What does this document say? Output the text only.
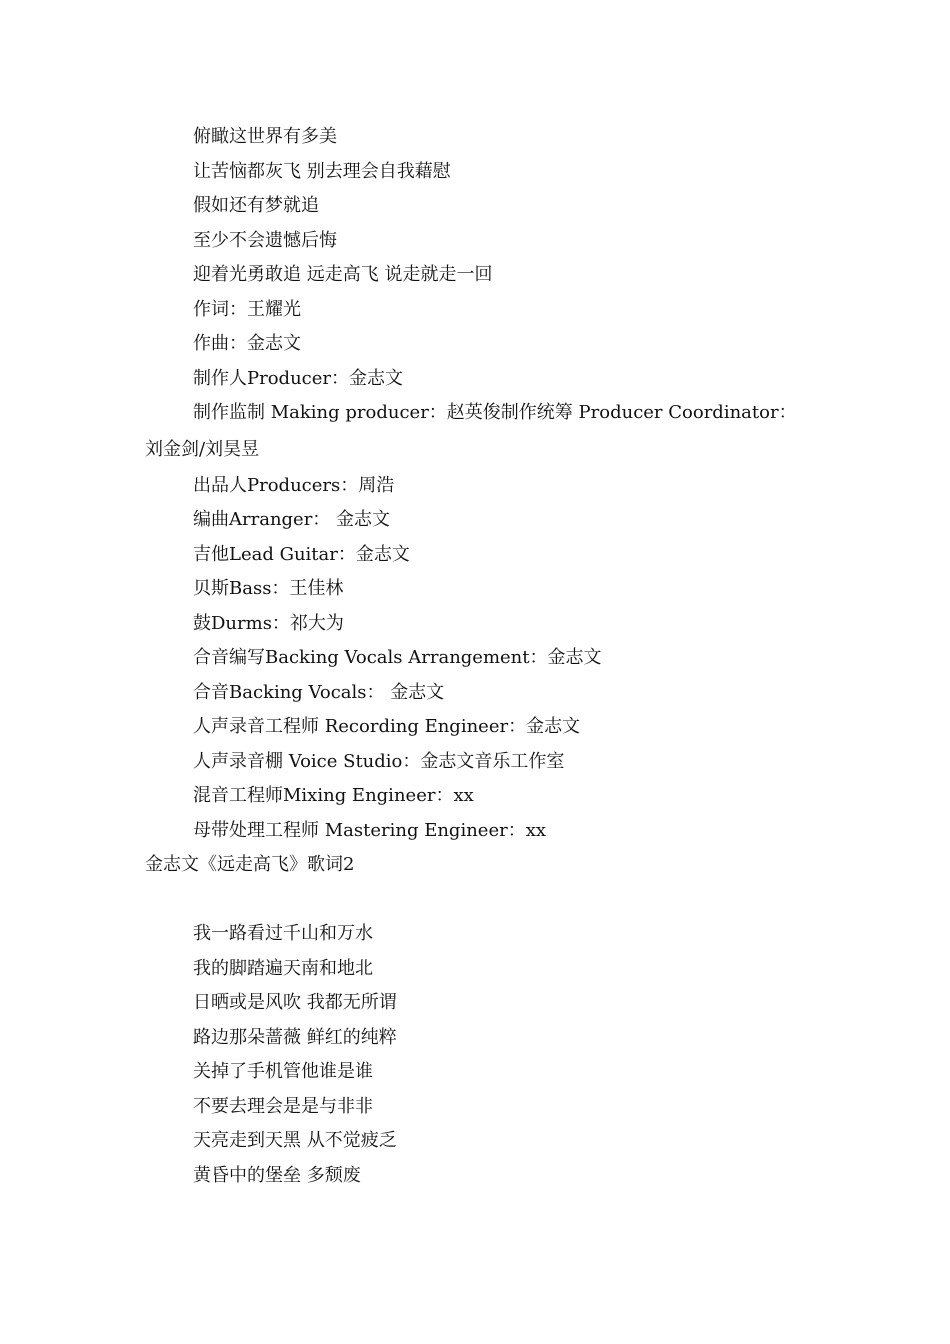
俯瞰这世界有多美
让苦恼都灰飞 别去理会自我藉慰
假如还有梦就追
至少不会遗憾后悔
迎着光勇敢追 远走高飞 说走就走一回
作词：王耀光
作曲：金志文
制作人Producer：金志文
制作监制 Making producer：赵英俊制作统筹 Producer Coordinator：
刘金剑/刘昊昱
出品人Producers：周浩
编曲Arranger： 金志文
吉他Lead Guitar：金志文
贝斯Bass：王佳林
鼓Durms：祁大为
合音编写Backing Vocals Arrangement：金志文
合音Backing Vocals： 金志文
人声录音工程师 Recording Engineer：金志文
人声录音棚 Voice Studio：金志文音乐工作室
混音工程师Mixing Engineer：xx
母带处理工程师 Mastering Engineer：xx
金志文《远走高飞》歌词2
我一路看过千山和万水
我的脚踏遍天南和地北
日晒或是风吹 我都无所谓
路边那朵蔷薇 鲜红的纯粹
关掉了手机管他谁是谁
不要去理会是是与非非
天亮走到天黑 从不觉疲乏
黄昏中的堡垒 多颓废
